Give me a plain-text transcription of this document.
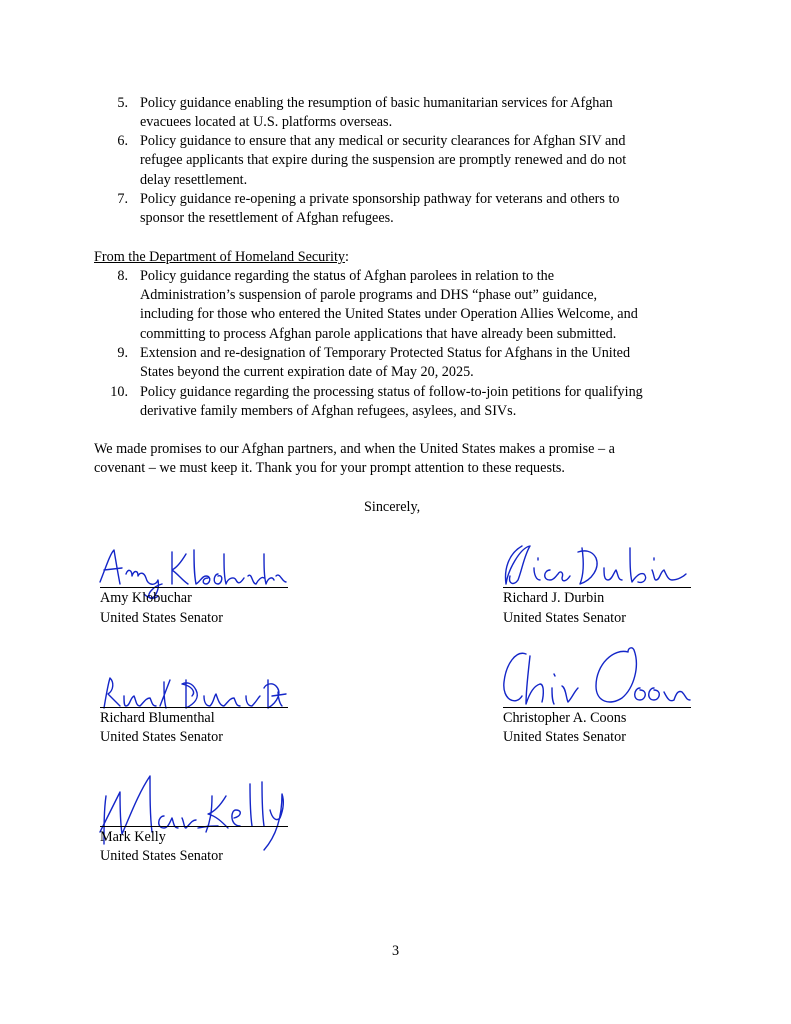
5. Policy guidance enabling the resumption of basic humanitarian services for Afghan
evacuees located at U.S. platforms overseas.
6. Policy guidance to ensure that any medical or security clearances for Afghan SIV and
refugee applicants that expire during the suspension are promptly renewed and do not
delay resettlement.
7. Policy guidance re-opening a private sponsorship pathway for veterans and others to
sponsor the resettlement of Afghan refugees.
From the Department of Homeland Security:
8. Policy guidance regarding the status of Afghan parolees in relation to the
Administration’s suspension of parole programs and DHS “phase out” guidance,
including for those who entered the United States under Operation Allies Welcome, and
committing to process Afghan parole applications that have already been submitted.
9. Extension and re-designation of Temporary Protected Status for Afghans in the United
States beyond the current expiration date of May 20, 2025.
10. Policy guidance regarding the processing status of follow-to-join petitions for qualifying
derivative family members of Afghan refugees, asylees, and SIVs.
We made promises to our Afghan partners, and when the United States makes a promise – a
covenant – we must keep it. Thank you for your prompt attention to these requests.
Sincerely,
Amy Klobuchar
United States Senator
Richard J. Durbin
United States Senator
Richard Blumenthal
United States Senator
Christopher A. Coons
United States Senator
Mark Kelly
United States Senator
3
